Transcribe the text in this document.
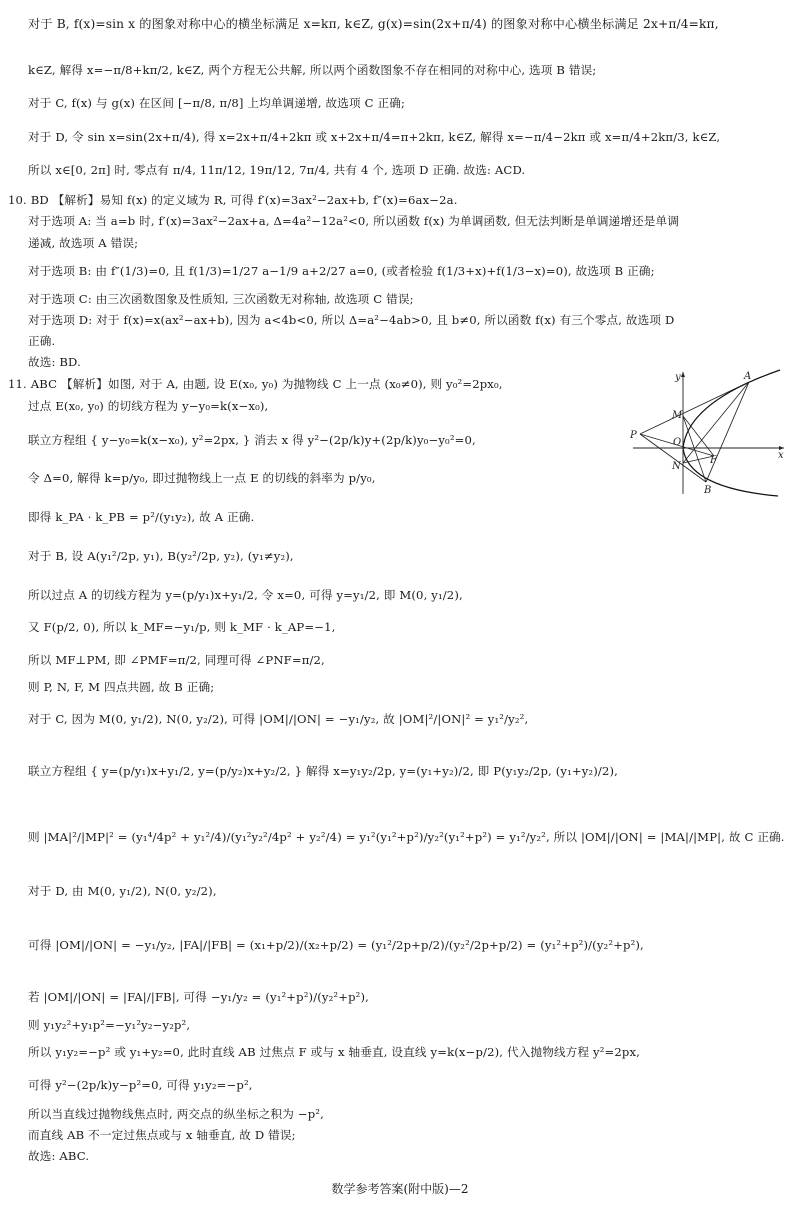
对于 B, f(x)=sin x 的图象对称中心的横坐标满足 x=kπ, k∈Z, g(x)=sin(2x+π/4) 的图象对称中心横坐标满足 2x+π/4=kπ,
k∈Z, 解得 x=−π/8+kπ/2, k∈Z, 两个方程无公共解, 所以两个函数图象不存在相同的对称中心, 选项 B 错误;
对于 C, f(x) 与 g(x) 在区间 [−π/8, π/8] 上均单调递增, 故选项 C 正确;
对于 D, 令 sin x=sin(2x+π/4), 得 x=2x+π/4+2kπ 或 x+2x+π/4=π+2kπ, k∈Z, 解得 x=−π/4−2kπ 或 x=π/4+2kπ/3, k∈Z,
所以 x∈[0, 2π] 时, 零点有 π/4, 11π/12, 19π/12, 7π/4, 共有 4 个, 选项 D 正确. 故选: ACD.
10. BD 【解析】易知 f(x) 的定义域为 R, 可得 f′(x)=3ax²−2ax+b, f″(x)=6ax−2a.
对于选项 A: 当 a=b 时, f′(x)=3ax²−2ax+a, Δ=4a²−12a²<0, 所以函数 f(x) 为单调函数, 但无法判断是单调递增还是单调
递减, 故选项 A 错误;
对于选项 B: 由 f″(1/3)=0, 且 f(1/3)=1/27 a−1/9 a+2/27 a=0, (或者检验 f(1/3+x)+f(1/3−x)=0), 故选项 B 正确;
对于选项 C: 由三次函数图象及性质知, 三次函数无对称轴, 故选项 C 错误;
对于选项 D: 对于 f(x)=x(ax²−ax+b), 因为 a<4b<0, 所以 Δ=a²−4ab>0, 且 b≠0, 所以函数 f(x) 有三个零点, 故选项 D
正确.
故选: BD.
11. ABC 【解析】如图, 对于 A, 由题, 设 E(x₀, y₀) 为抛物线 C 上一点 (x₀≠0), 则 y₀²=2px₀,
过点 E(x₀, y₀) 的切线方程为 y−y₀=k(x−x₀),
联立方程组 { y−y₀=k(x−x₀), y²=2px, } 消去 x 得 y²−(2p/k)y+(2p/k)y₀−y₀²=0,
令 Δ=0, 解得 k=p/y₀, 即过抛物线上一点 E 的切线的斜率为 p/y₀,
即得 k_PA · k_PB = p²/(y₁y₂), 故 A 正确.
对于 B, 设 A(y₁²/2p, y₁), B(y₂²/2p, y₂), (y₁≠y₂),
所以过点 A 的切线方程为 y=(p/y₁)x+y₁/2, 令 x=0, 可得 y=y₁/2, 即 M(0, y₁/2),
又 F(p/2, 0), 所以 k_MF=−y₁/p, 则 k_MF · k_AP=−1,
所以 MF⊥PM, 即 ∠PMF=π/2, 同理可得 ∠PNF=π/2,
则 P, N, F, M 四点共圆, 故 B 正确;
对于 C, 因为 M(0, y₁/2), N(0, y₂/2), 可得 |OM|/|ON| = −y₁/y₂, 故 |OM|²/|ON|² = y₁²/y₂²,
联立方程组 { y=(p/y₁)x+y₁/2, y=(p/y₂)x+y₂/2, } 解得 x=y₁y₂/2p, y=(y₁+y₂)/2, 即 P(y₁y₂/2p, (y₁+y₂)/2),
则 |MA|²/|MP|² = (y₁⁴/4p² + y₁²/4)/(y₁²y₂²/4p² + y₂²/4) = y₁²(y₁²+p²)/y₂²(y₁²+p²) = y₁²/y₂², 所以 |OM|/|ON| = |MA|/|MP|, 故 C 正确.
对于 D, 由 M(0, y₁/2), N(0, y₂/2),
可得 |OM|/|ON| = −y₁/y₂, |FA|/|FB| = (x₁+p/2)/(x₂+p/2) = (y₁²/2p+p/2)/(y₂²/2p+p/2) = (y₁²+p²)/(y₂²+p²),
若 |OM|/|ON| = |FA|/|FB|, 可得 −y₁/y₂ = (y₁²+p²)/(y₂²+p²),
则 y₁y₂²+y₁p²=−y₁²y₂−y₂p²,
所以 y₁y₂=−p² 或 y₁+y₂=0, 此时直线 AB 过焦点 F 或与 x 轴垂直, 设直线 y=k(x−p/2), 代入抛物线方程 y²=2px,
可得 y²−(2p/k)y−p²=0, 可得 y₁y₂=−p²,
所以当直线过抛物线焦点时, 两交点的纵坐标之积为 −p²,
而直线 AB 不一定过焦点或与 x 轴垂直, 故 D 错误;
故选: ABC.
y	A
M
P
O
N
F
B
x
数学参考答案(附中版)—2
